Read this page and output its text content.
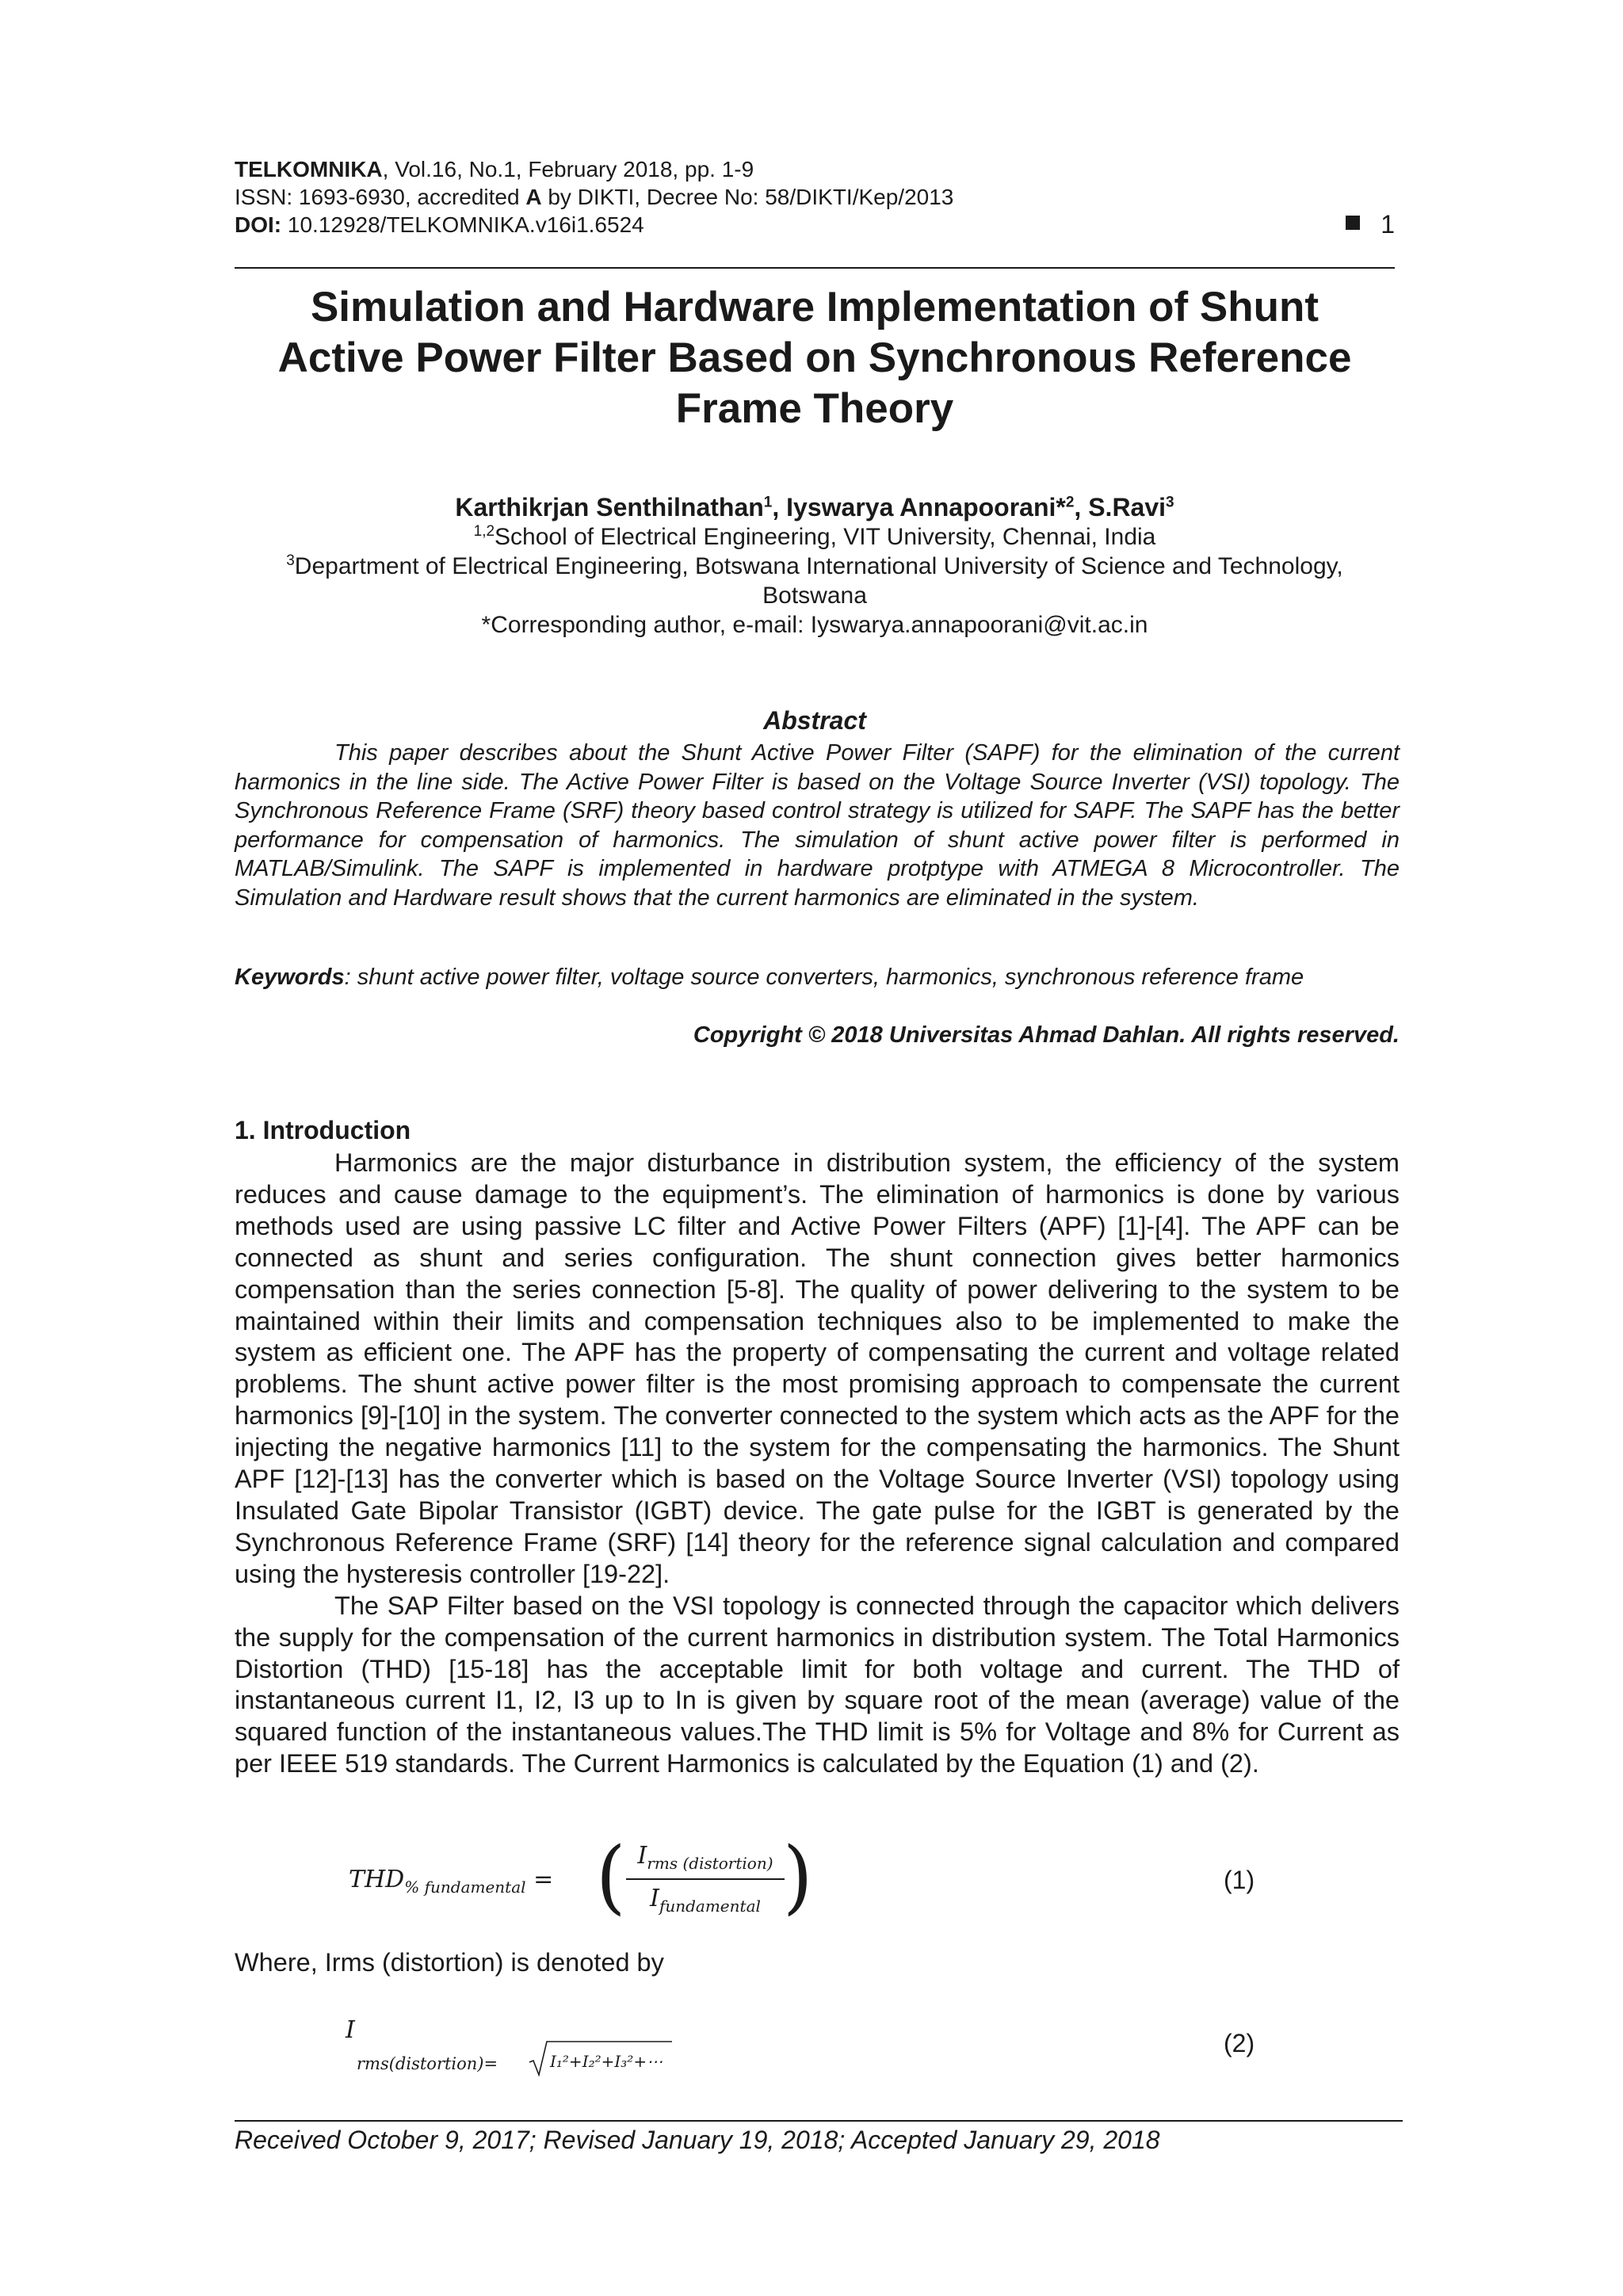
TELKOMNIKA, Vol.16, No.1, February 2018, pp. 1-9
ISSN: 1693-6930, accredited A by DIKTI, Decree No: 58/DIKTI/Kep/2013
DOI: 10.12928/TELKOMNIKA.v16i1.6524	1
Simulation and Hardware Implementation of Shunt
Active Power Filter Based on Synchronous Reference
Frame Theory
Karthikrjan Senthilnathan$^1$, Iyswarya Annapoorani*$^2$, S.Ravi$^3$
$^{1,2}$School of Electrical Engineering, VIT University, Chennai, India
$^3$Department of Electrical Engineering, Botswana International University of Science and Technology,
Botswana
*Corresponding author, e-mail: Iyswarya.annapoorani@vit.ac.in
Abstract
This paper describes about the Shunt Active Power Filter (SAPF) for the elimination of the current harmonics in the line side. The Active Power Filter is based on the Voltage Source Inverter (VSI) topology. The Synchronous Reference Frame (SRF) theory based control strategy is utilized for SAPF. The SAPF has the better performance for compensation of harmonics. The simulation of shunt active power filter is performed in MATLAB/Simulink. The SAPF is implemented in hardware protptype with ATMEGA 8 Microcontroller. The Simulation and Hardware result shows that the current harmonics are eliminated in the system.
Keywords: shunt active power filter, voltage source converters, harmonics, synchronous reference frame
Copyright © 2018 Universitas Ahmad Dahlan. All rights reserved.
1. Introduction

Harmonics are the major disturbance in distribution system, the efficiency of the system reduces and cause damage to the equipment’s. The elimination of harmonics is done by various methods used are using passive LC filter and Active Power Filters (APF) [1]-[4]. The APF can be connected as shunt and series configuration. The shunt connection gives better harmonics compensation than the series connection [5-8]. The quality of power delivering to the system to be maintained within their limits and compensation techniques also to be implemented to make the system as efficient one. The APF has the property of compensating the current and voltage related problems. The shunt active power filter is the most promising approach to compensate the current harmonics [9]-[10] in the system. The converter connected to the system which acts as the APF for the injecting the negative harmonics [11] to the system for the compensating the harmonics. The Shunt APF [12]-[13] has the converter which is based on the Voltage Source Inverter (VSI) topology using Insulated Gate Bipolar Transistor (IGBT) device. The gate pulse for the IGBT is generated by the Synchronous Reference Frame (SRF) [14] theory for the reference signal calculation and compared using the hysteresis controller [19-22].

The SAP Filter based on the VSI topology is connected through the capacitor which delivers the supply for the compensation of the current harmonics in distribution system. The Total Harmonics Distortion (THD) [15-18] has the acceptable limit for both voltage and current. The THD of instantaneous current I1, I2, I3 up to In is given by square root of the mean (average) value of the squared function of the instantaneous values.The THD limit is 5% for Voltage and 8% for Current as per IEEE 519 standards. The Current Harmonics is calculated by the Equation (1) and (2).

$THD_{\% fundamental}$ = ( $I_{rms (distortion)}$
$I_{fundamental}$ )	(1)
Where, Irms (distortion) is denoted by
I
rms(distortion)=	I₁²+I₂²+I₃²+⋯
(2)
Received October 9, 2017; Revised January 19, 2018; Accepted January 29, 2018
